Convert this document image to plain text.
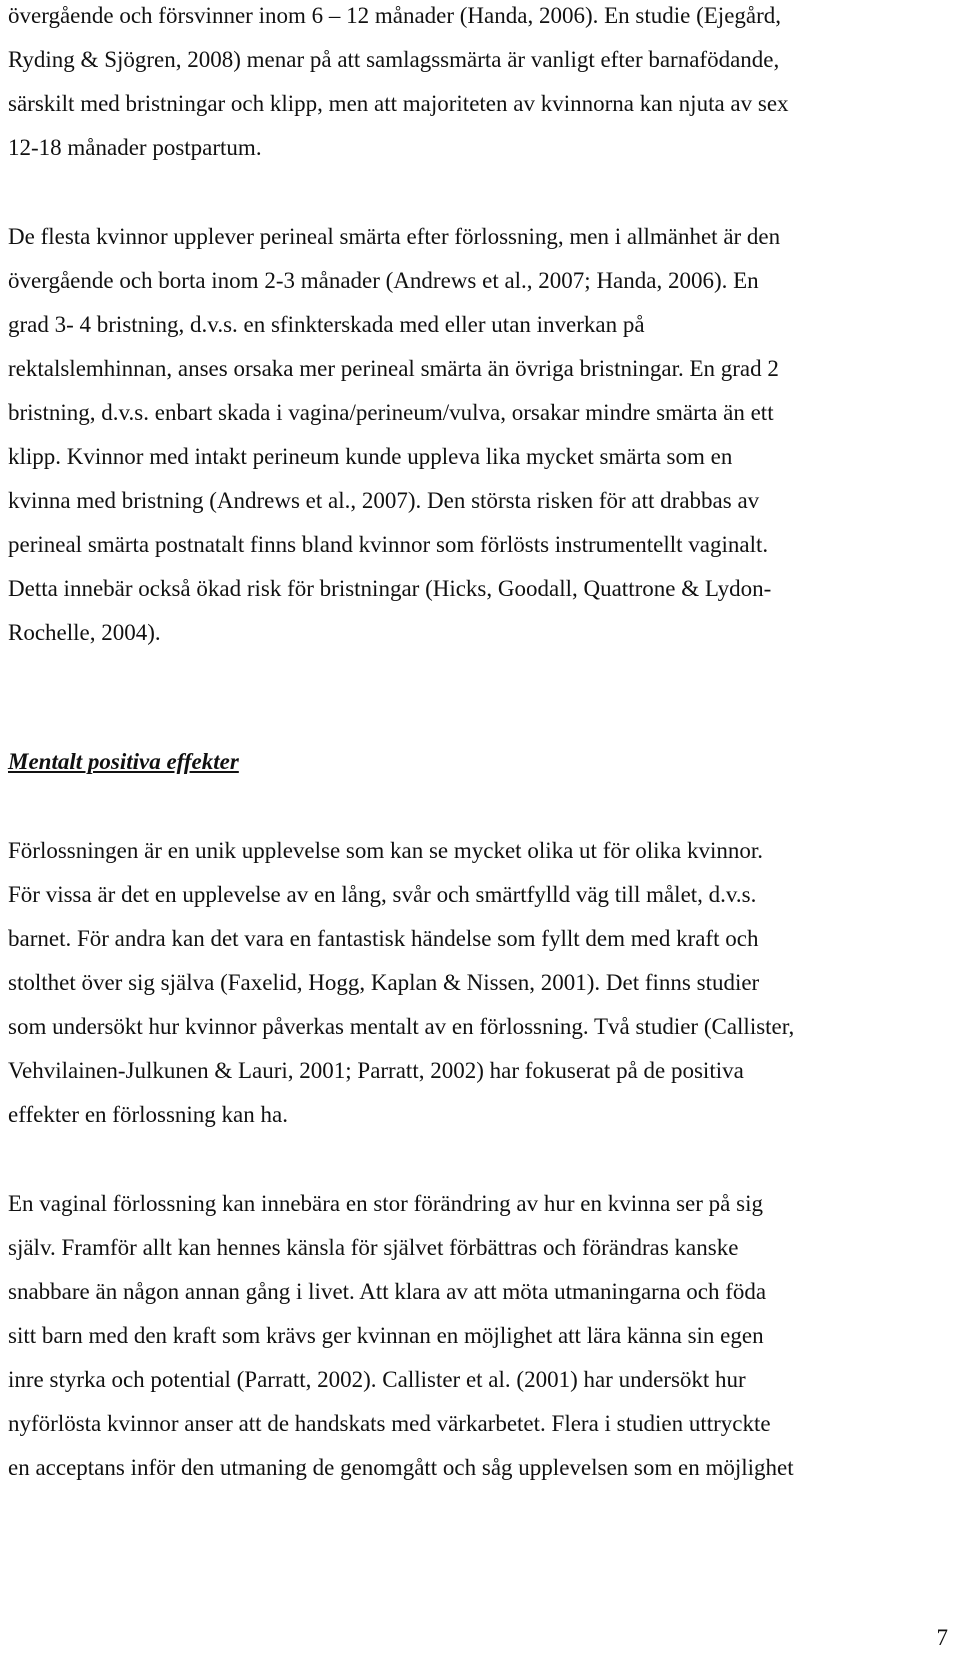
övergående och försvinner inom 6 – 12 månader (Handa, 2006). En studie (Ejegård,

Ryding & Sjögren, 2008) menar på att samlagssmärta är vanligt efter barnafödande,

särskilt med bristningar och klipp, men att majoriteten av kvinnorna kan njuta av sex

12-18 månader postpartum.

De flesta kvinnor upplever perineal smärta efter förlossning, men i allmänhet är den

övergående och borta inom 2-3 månader (Andrews et al., 2007; Handa, 2006). En

grad 3- 4 bristning, d.v.s. en sfinkterskada med eller utan inverkan på

rektalslemhinnan, anses orsaka mer perineal smärta än övriga bristningar. En grad 2

bristning, d.v.s. enbart skada i vagina/perineum/vulva, orsakar mindre smärta än ett

klipp. Kvinnor med intakt perineum kunde uppleva lika mycket smärta som en

kvinna med bristning (Andrews et al., 2007). Den största risken för att drabbas av

perineal smärta postnatalt finns bland kvinnor som förlösts instrumentellt vaginalt.

Detta innebär också ökad risk för bristningar (Hicks, Goodall, Quattrone & Lydon-

Rochelle, 2004).

Mentalt positiva effekter

Förlossningen är en unik upplevelse som kan se mycket olika ut för olika kvinnor.

För vissa är det en upplevelse av en lång, svår och smärtfylld väg till målet, d.v.s.

barnet. För andra kan det vara en fantastisk händelse som fyllt dem med kraft och

stolthet över sig själva (Faxelid, Hogg, Kaplan & Nissen, 2001). Det finns studier

som undersökt hur kvinnor påverkas mentalt av en förlossning. Två studier (Callister,

Vehvilainen-Julkunen & Lauri, 2001; Parratt, 2002) har fokuserat på de positiva

effekter en förlossning kan ha.

En vaginal förlossning kan innebära en stor förändring av hur en kvinna ser på sig

själv. Framför allt kan hennes känsla för självet förbättras och förändras kanske

snabbare än någon annan gång i livet. Att klara av att möta utmaningarna och föda

sitt barn med den kraft som krävs ger kvinnan en möjlighet att lära känna sin egen

inre styrka och potential (Parratt, 2002). Callister et al. (2001) har undersökt hur

nyförlösta kvinnor anser att de handskats med värkarbetet. Flera i studien uttryckte

en acceptans inför den utmaning de genomgått och såg upplevelsen som en möjlighet

7
